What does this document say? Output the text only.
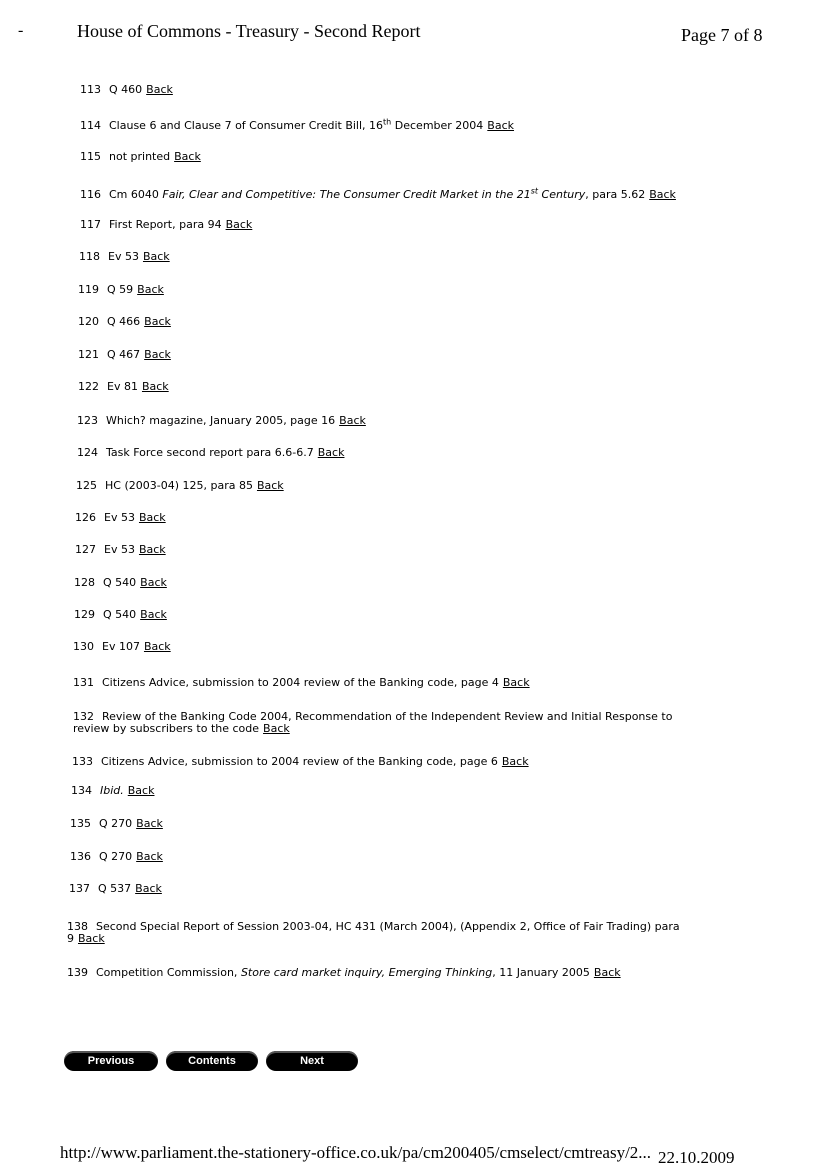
-	House of Commons - Treasury - Second Report	Page 7 of 8
113 Q 460 Back
114 Clause 6 and Clause 7 of Consumer Credit Bill, 16th December 2004 Back
115 not printed Back
116 Cm 6040 Fair, Clear and Competitive: The Consumer Credit Market in the 21st Century, para 5.62 Back
117 First Report, para 94 Back
118 Ev 53 Back
119 Q 59 Back
120 Q 466 Back
121 Q 467 Back
122 Ev 81 Back
123 Which? magazine, January 2005, page 16 Back
124 Task Force second report para 6.6-6.7 Back
125 HC (2003-04) 125, para 85 Back
126 Ev 53 Back
127 Ev 53 Back
128 Q 540 Back
129 Q 540 Back
130 Ev 107 Back
131 Citizens Advice, submission to 2004 review of the Banking code, page 4 Back
132 Review of the Banking Code 2004, Recommendation of the Independent Review and Initial Response to review by subscribers to the code Back
133 Citizens Advice, submission to 2004 review of the Banking code, page 6 Back
134 Ibid. Back
135 Q 270 Back
136 Q 270 Back
137 Q 537 Back
138 Second Special Report of Session 2003-04, HC 431 (March 2004), (Appendix 2, Office of Fair Trading) para 9 Back
139 Competition Commission, Store card market inquiry, Emerging Thinking, 11 January 2005 Back
Previous	Contents	Next
http://www.parliament.the-stationery-office.co.uk/pa/cm200405/cmselect/cmtreasy/2... 22.10.2009
